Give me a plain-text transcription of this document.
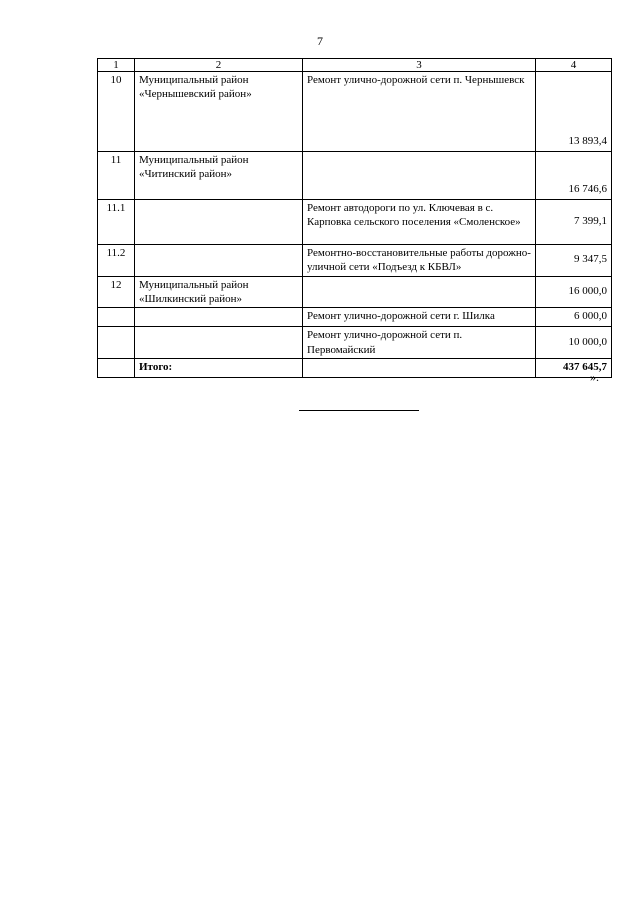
7
1	2	3	4
10	Муниципальный район «Чернышевский район»	Ремонт улично-дорожной сети п. Чернышевск	13 893,4
11	Муниципальный район «Читинский район»		16 746,6
11.1		Ремонт автодороги по ул. Ключевая в с. Карповка сельского поселения «Смоленское»	7 399,1
11.2		Ремонтно-восстановительные работы дорожно-уличной сети «Подъезд к КБВЛ»	9 347,5
12	Муниципальный район «Шилкинский район»		16 000,0
		Ремонт улично-дорожной сети г. Шилка	6 000,0
		Ремонт улично-дорожной сети п. Первомайский	10 000,0
	Итого:		437 645,7
».
